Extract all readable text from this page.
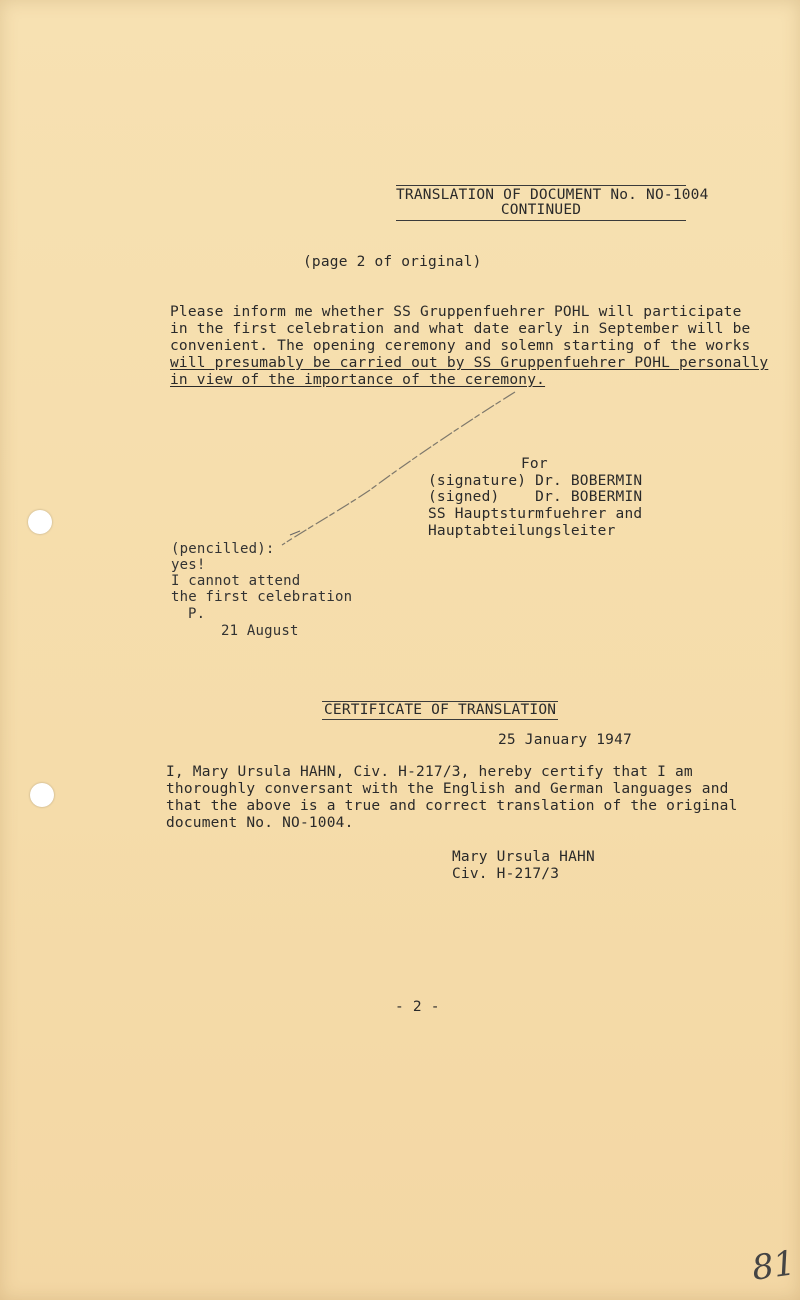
TRANSLATION OF DOCUMENT No. NO-1004
CONTINUED
(page 2 of original)
Please inform me whether SS Gruppenfuehrer POHL will participate
in the first celebration and what date early in September will be
convenient. The opening ceremony and solemn starting of the works
will presumably be carried out by SS Gruppenfuehrer POHL personally
in view of the importance of the ceremony.
For
(signature) Dr. BOBERMIN
(signed)    Dr. BOBERMIN
SS Hauptsturmfuehrer and
Hauptabteilungsleiter
(pencilled):
yes!
I cannot attend
the first celebration
P.
21 August
CERTIFICATE OF TRANSLATION
25 January 1947
I, Mary Ursula HAHN, Civ. H-217/3, hereby certify that I am
thoroughly conversant with the English and German languages and
that the above is a true and correct translation of the original
document No. NO-1004.
Mary Ursula HAHN
Civ. H-217/3
- 2 -
81
